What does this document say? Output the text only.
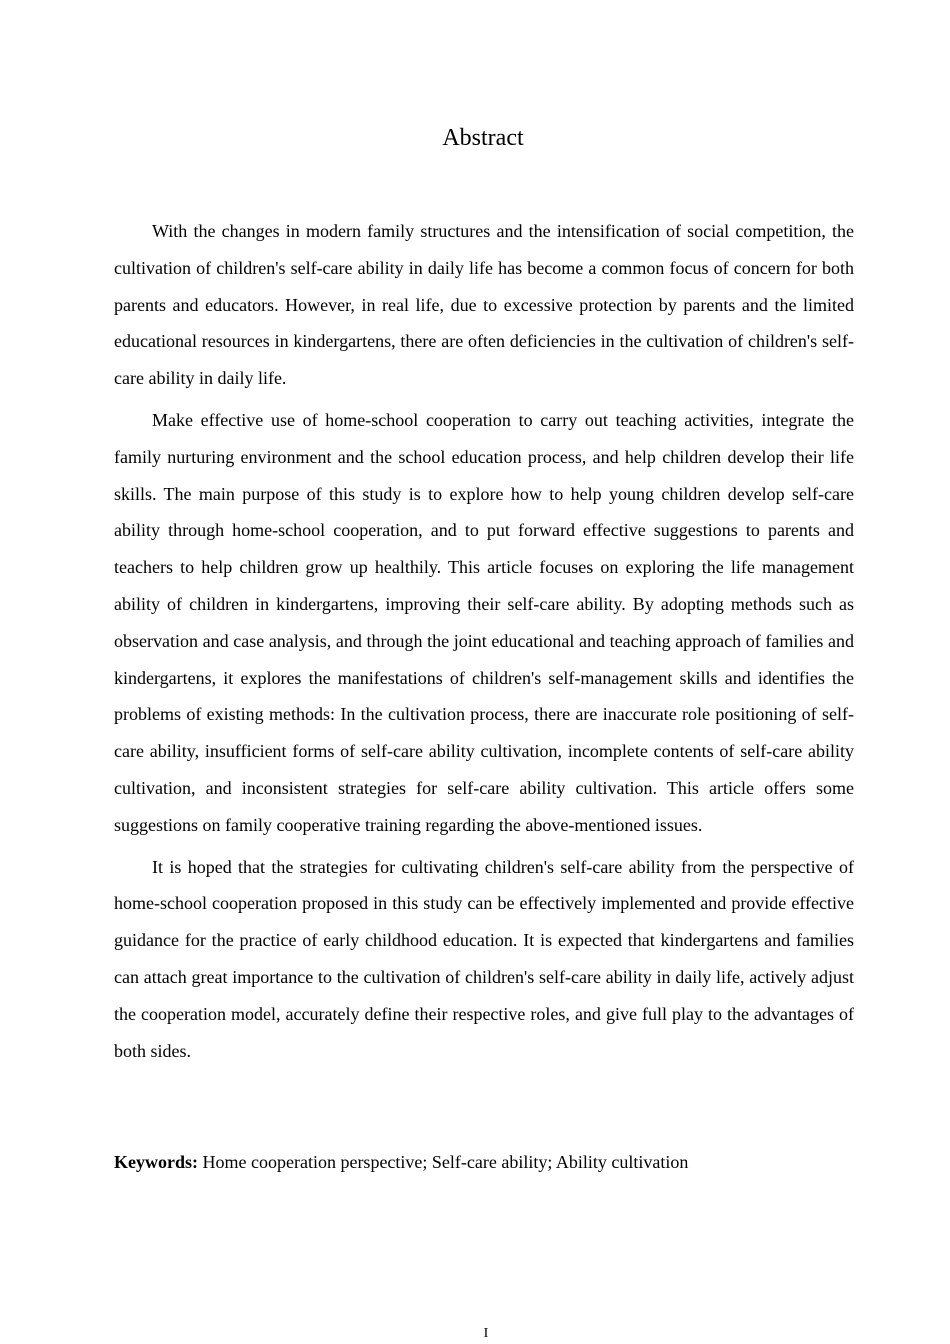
Abstract

With the changes in modern family structures and the intensification of social competition, the cultivation of children's self-care ability in daily life has become a common focus of concern for both parents and educators. However, in real life, due to excessive protection by parents and the limited educational resources in kindergartens, there are often deficiencies in the cultivation of children's self-care ability in daily life.

Make effective use of home-school cooperation to carry out teaching activities, integrate the family nurturing environment and the school education process, and help children develop their life skills. The main purpose of this study is to explore how to help young children develop self-care ability through home-school cooperation, and to put forward effective suggestions to parents and teachers to help children grow up healthily. This article focuses on exploring the life management ability of children in kindergartens, improving their self-care ability. By adopting methods such as observation and case analysis, and through the joint educational and teaching approach of families and kindergartens, it explores the manifestations of children's self-management skills and identifies the problems of existing methods: In the cultivation process, there are inaccurate role positioning of self-care ability, insufficient forms of self-care ability cultivation, incomplete contents of self-care ability cultivation, and inconsistent strategies for self-care ability cultivation. This article offers some suggestions on family cooperative training regarding the above-mentioned issues.

It is hoped that the strategies for cultivating children's self-care ability from the perspective of home-school cooperation proposed in this study can be effectively implemented and provide effective guidance for the practice of early childhood education. It is expected that kindergartens and families can attach great importance to the cultivation of children's self-care ability in daily life, actively adjust the cooperation model, accurately define their respective roles, and give full play to the advantages of both sides.

Keywords: Home cooperation perspective; Self-care ability; Ability cultivation
I
